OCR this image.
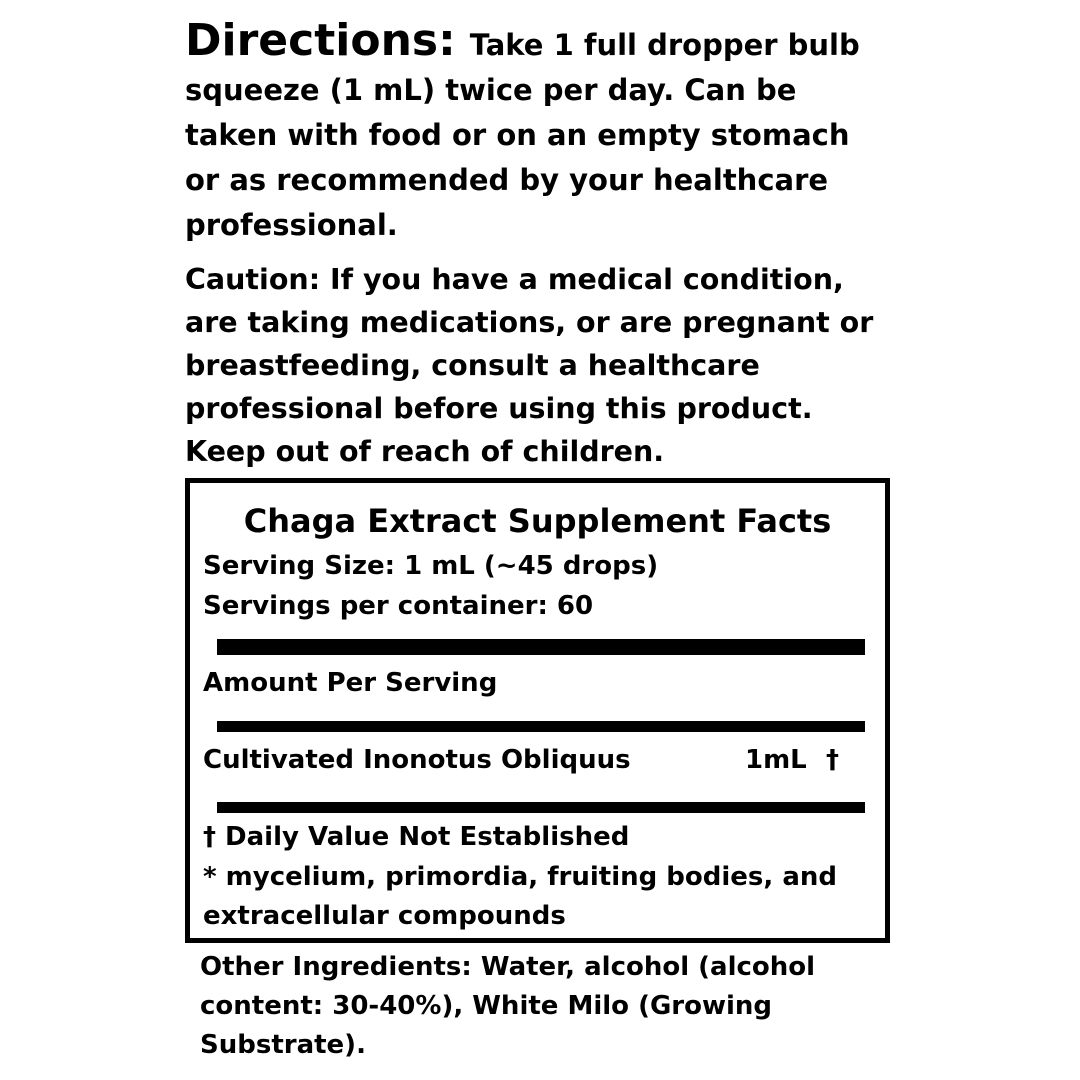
Directions: Take 1 full dropper bulb squeeze (1 mL) twice per day. Can be taken with food or on an empty stomach or as recommended by your healthcare professional.
Caution: If you have a medical condition, are taking medications, or are pregnant or breastfeeding, consult a healthcare professional before using this product. Keep out of reach of children.
Chaga Extract Supplement Facts
Serving Size: 1 mL (~45 drops)
Servings per container: 60
Amount Per Serving
Cultivated Inonotus Obliquus	1mL †
† Daily Value Not Established
* mycelium, primordia, fruiting bodies, and extracellular compounds
Other Ingredients: Water, alcohol (alcohol content: 30-40%), White Milo (Growing Substrate).
